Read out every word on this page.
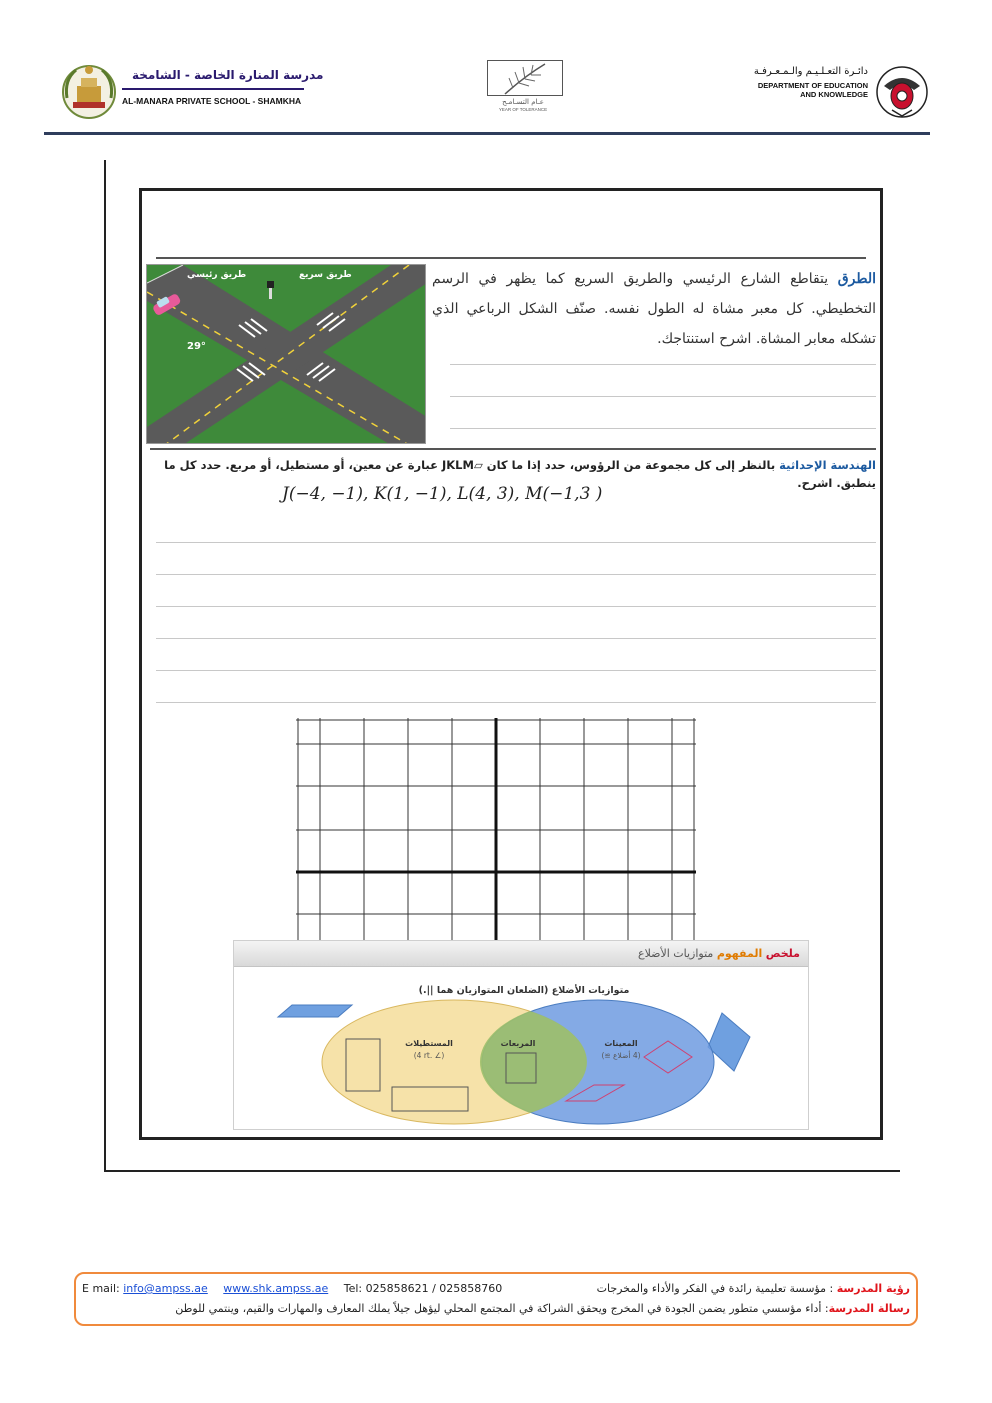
مدرسة المنارة الخاصة - الشامخة
AL-MANARA PRIVATE SCHOOL - SHAMKHA	عـام التسـامـح
YEAR OF TOLERANCE
دائـرة التعـلـيـم والـمـعـرفـة
DEPARTMENT OF EDUCATION
AND KNOWLEDGE
طريق رئيسي	طريق سريع
29°
الطرق يتقاطع الشارع الرئيسي والطريق السريع كما يظهر في الرسم التخطيطي. كل معبر مشاة له الطول نفسه. صنّف الشكل الرباعي الذي تشكله معابر المشاة. اشرح استنتاجك.
الهندسة الإحداثية بالنظر إلى كل مجموعة من الرؤوس، حدد إذا ما كان ▱JKLM عبارة عن معين، أو مستطيل، أو مربع. حدد كل ما ينطبق. اشرح.
J(−4, −1), K(1, −1), L(4, 3), M(−1,3 )
ملخص المفهوم متوازيات الأضلاع
متوازيات الأضلاع (الضلعان المتوازيان هما ||.)
المستطيلات
(4 rt. ∠)
المربعات	المعينات
(4 أضلاع ≅)
رؤية المدرسة : مؤسسة تعليمية رائدة في الفكر والأداء والمخرجات
E mail: info@ampss.ae www.shk.ampss.ae Tel: 025858621 / 025858760
رسالة المدرسة: أداء مؤسسي متطور يضمن الجودة في المخرج ويحقق الشراكة في المجتمع المحلي ليؤهل جيلاً يملك المعارف والمهارات والقيم، وينتمي للوطن
